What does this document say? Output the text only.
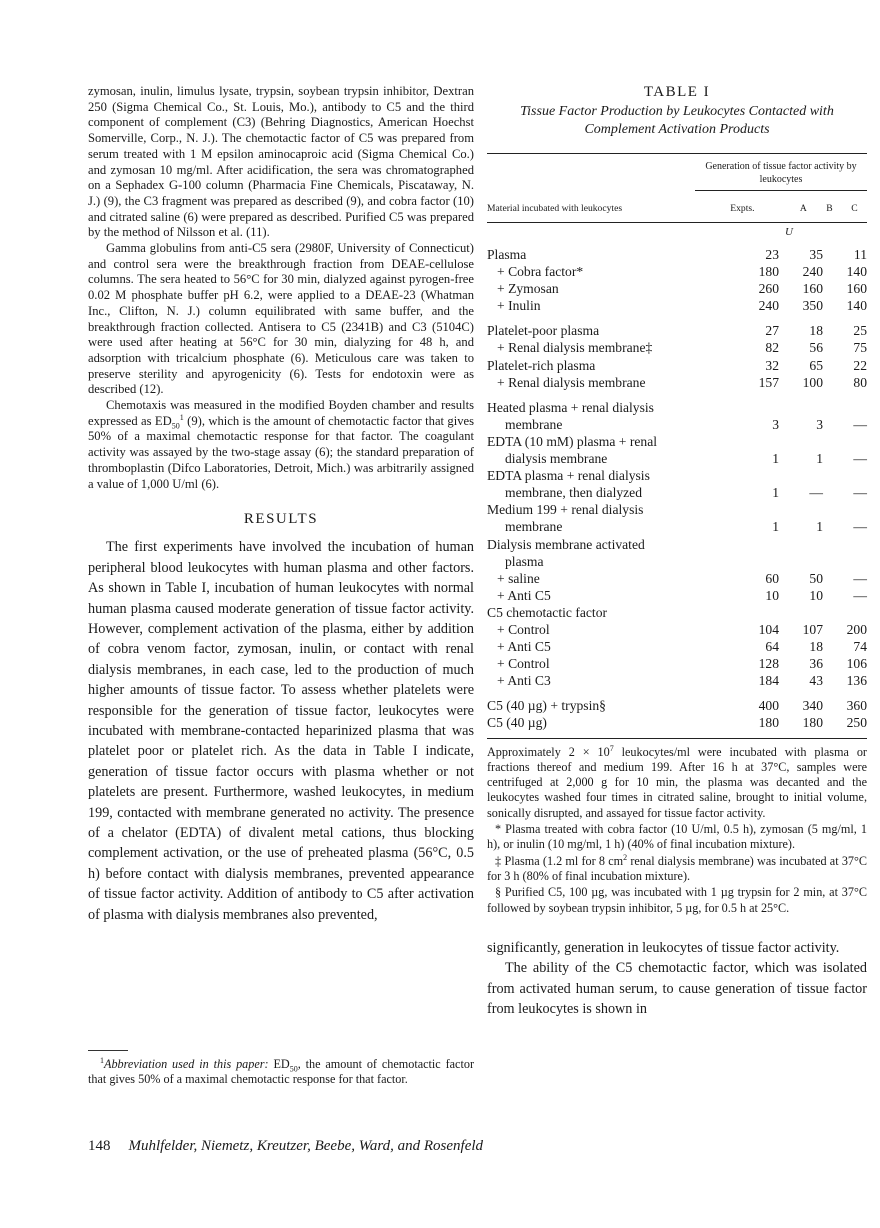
zymosan, inulin, limulus lysate, trypsin, soybean trypsin inhibitor, Dextran 250 (Sigma Chemical Co., St. Louis, Mo.), antibody to C5 and the third component of complement (C3) (Behring Diagnostics, American Hoechst Somerville, Corp., N. J.). The chemotactic factor of C5 was prepared from serum treated with 1 M epsilon aminocaproic acid (Sigma Chemical Co.) and zymosan 10 mg/ml. After acidification, the sera was chromatographed on a Sephadex G-100 column (Pharmacia Fine Chemicals, Piscataway, N. J.) (9), the C3 fragment was prepared as described (9), and cobra factor (10) and citrated saline (6) were prepared as described. Purified C5 was prepared by the method of Nilsson et al. (11).

Gamma globulins from anti-C5 sera (2980F, University of Connecticut) and control sera were the breakthrough fraction from DEAE-cellulose columns. The sera heated to 56°C for 30 min, dialyzed against pyrogen-free 0.02 M phosphate buffer pH 6.2, were applied to a DEAE-23 (Whatman Inc., Clifton, N. J.) column equilibrated with same buffer, and the breakthrough fraction collected. Antisera to C5 (2341B) and C3 (5104C) were used after heating at 56°C for 30 min, dialyzing for 48 h, and adsorption with tricalcium phosphate (6). Meticulous care was taken to preserve sterility and apyrogenicity (6). Tests for endotoxin were as described (12).

Chemotaxis was measured in the modified Boyden chamber and results expressed as $ED_{50}^1$ (9), which is the amount of chemotactic factor that gives 50% of a maximal chemotactic response for that factor. The coagulant activity was assayed by the two-stage assay (6); the standard preparation of thromboplastin (Difco Laboratories, Detroit, Mich.) was arbitrarily assigned a value of 1,000 U/ml (6).

RESULTS

The first experiments have involved the incubation of human peripheral blood leukocytes with human plasma and other factors. As shown in Table I, incubation of human leukocytes with normal human plasma caused moderate generation of tissue factor activity. However, complement activation of the plasma, either by addition of cobra venom factor, zymosan, inulin, or contact with renal dialysis membranes, in each case, led to the production of much higher amounts of tissue factor. To assess whether platelets were responsible for the generation of tissue factor, leukocytes were incubated with membrane-contacted heparinized plasma that was platelet poor or platelet rich. As the data in Table I indicate, generation of tissue factor occurs with plasma whether or not platelets are present. Furthermore, washed leukocytes, in medium 199, contacted with membrane generated no activity. The presence of a chelator (EDTA) of divalent metal cations, thus blocking complement activation, or the use of preheated plasma (56°C, 0.5 h) before contact with dialysis membranes, prevented appearance of tissue factor activity. Addition of antibody to C5 after activation of plasma with dialysis membranes also prevented,

$^1$Abbreviation used in this paper: $ED_{50}$, the amount of chemotactic factor that gives 50% of a maximal chemotactic response for that factor.

148 Muhlfelder, Niemetz, Kreutzer, Beebe, Ward, and Rosenfeld
TABLE I
Tissue Factor Production by Leukocytes Contacted with Complement Activation Products
	Generation of tissue factor activity by leukocytes			
Material incubated with leukocytes	Expts.	A	B	C
U
Plasma		23	35	11
+ Cobra factor*		180	240	140
+ Zymosan		260	160	160
+ Inulin		240	350	140

Platelet-poor plasma		27	18	25
+ Renal dialysis membrane‡		82	56	75
Platelet-rich plasma		32	65	22
+ Renal dialysis membrane		157	100	80

Heated plasma + renal dialysis				
membrane		3	3	—
EDTA (10 mM) plasma + renal				
dialysis membrane		1	1	—
EDTA plasma + renal dialysis				
membrane, then dialyzed		1	—	—
Medium 199 + renal dialysis				
membrane		1	1	—
Dialysis membrane activated				
plasma				
+ saline		60	50	—
+ Anti C5		10	10	—
C5 chemotactic factor				
+ Control		104	107	200
+ Anti C5		64	18	74
+ Control		128	36	106
+ Anti C3		184	43	136

C5 (40 µg) + trypsin§		400	340	360
C5 (40 µg)		180	180	250

Approximately $2 \times 10^7$ leukocytes/ml were incubated with plasma or fractions thereof and medium 199. After 16 h at 37°C, samples were centrifuged at 2,000 g for 10 min, the plasma was decanted and the leukocytes washed four times in citrated saline, brought to initial volume, sonically disrupted, and assayed for tissue factor activity.

* Plasma treated with cobra factor (10 U/ml, 0.5 h), zymosan (5 mg/ml, 1 h), or inulin (10 mg/ml, 1 h) (40% of final incubation mixture).

‡ Plasma (1.2 ml for 8 $cm^2$ renal dialysis membrane) was incubated at 37°C for 3 h (80% of final incubation mixture).

§ Purified C5, 100 µg, was incubated with 1 µg trypsin for 2 min, at 37°C followed by soybean trypsin inhibitor, 5 µg, for 0.5 h at 25°C.

significantly, generation in leukocytes of tissue factor activity.

The ability of the C5 chemotactic factor, which was isolated from activated human serum, to cause generation of tissue factor from leukocytes is shown in
